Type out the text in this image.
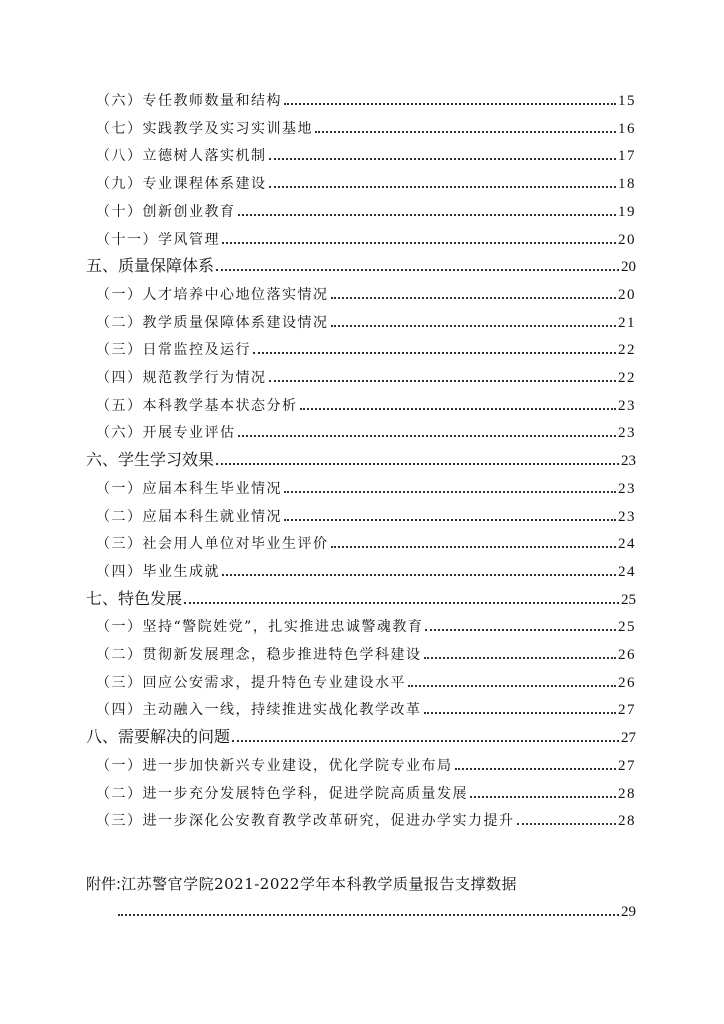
（六）专任教师数量和结构	15
（七）实践教学及实习实训基地	16
（八）立德树人落实机制	17
（九）专业课程体系建设	18
（十）创新创业教育	19
（十一）学风管理	20
五、质量保障体系	20
（一）人才培养中心地位落实情况	20
（二）教学质量保障体系建设情况	21
（三）日常监控及运行	22
（四）规范教学行为情况	22
（五）本科教学基本状态分析	23
（六）开展专业评估	23
六、学生学习效果	23
（一）应届本科生毕业情况	23
（二）应届本科生就业情况	23
（三）社会用人单位对毕业生评价	24
（四）毕业生成就	24
七、特色发展	25
（一）坚持“警院姓党”，扎实推进忠诚警魂教育	25
（二）贯彻新发展理念，稳步推进特色学科建设	26
（三）回应公安需求，提升特色专业建设水平	26
（四）主动融入一线，持续推进实战化教学改革	27
八、需要解决的问题	27
（一）进一步加快新兴专业建设，优化学院专业布局	27
（二）进一步充分发展特色学科，促进学院高质量发展	28
（三）进一步深化公安教育教学改革研究，促进办学实力提升	28
附件: 江苏警官学院2021-2022学年本科教学质量报告支撑数据
29
